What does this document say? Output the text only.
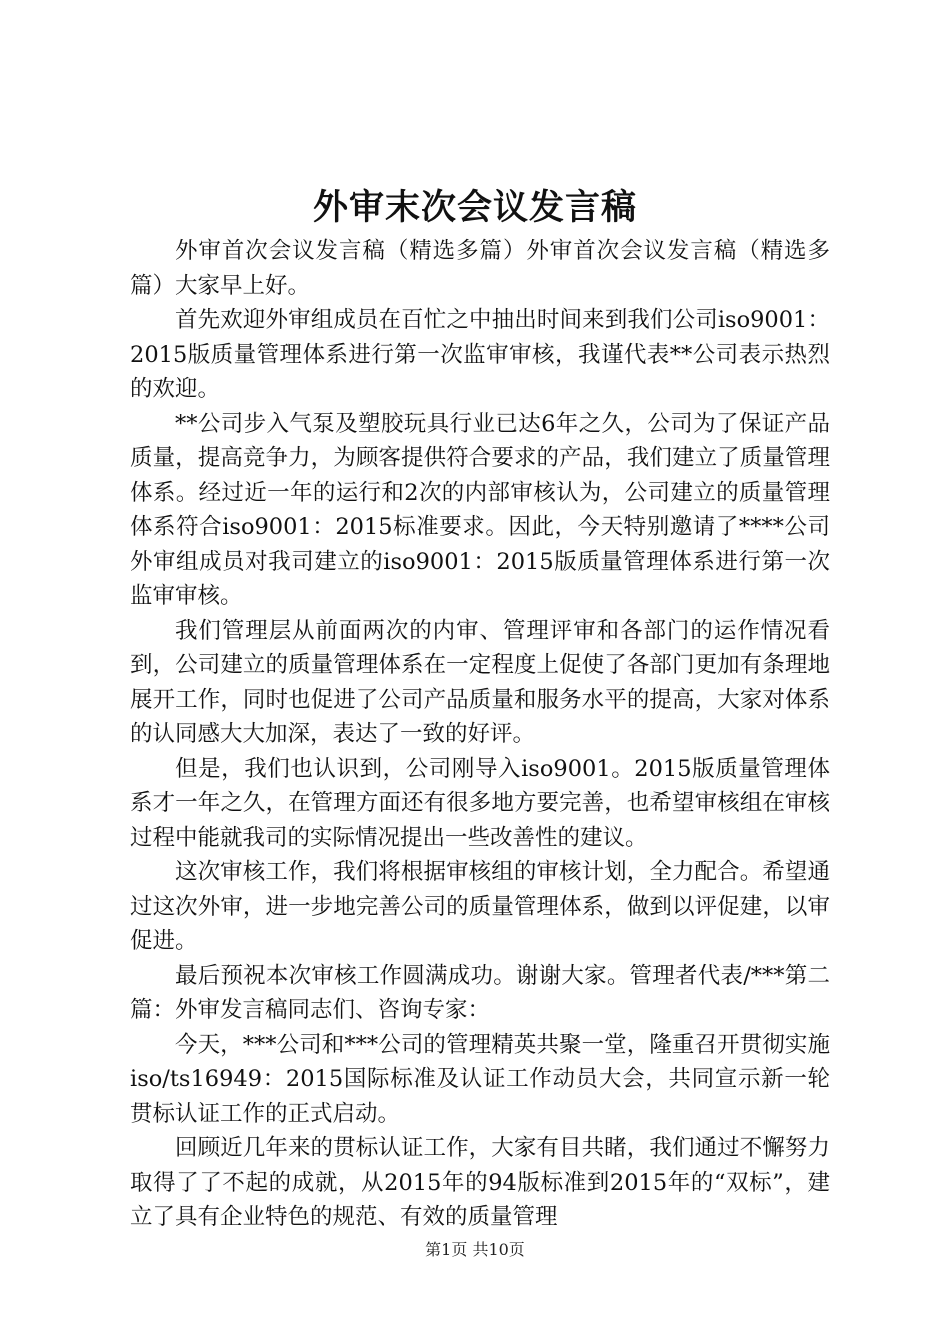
外审末次会议发言稿

外审首次会议发言稿（精选多篇）外审首次会议发言稿（精选多篇）大家早上好。

首先欢迎外审组成员在百忙之中抽出时间来到我们公司iso9001：2015版质量管理体系进行第一次监审审核，我谨代表**公司表示热烈的欢迎。

**公司步入气泵及塑胶玩具行业已达6年之久，公司为了保证产品质量，提高竞争力，为顾客提供符合要求的产品，我们建立了质量管理体系。经过近一年的运行和2次的内部审核认为，公司建立的质量管理体系符合iso9001：2015标准要求。因此，今天特别邀请了****公司外审组成员对我司建立的iso9001：2015版质量管理体系进行第一次监审审核。

我们管理层从前面两次的内审、管理评审和各部门的运作情况看到，公司建立的质量管理体系在一定程度上促使了各部门更加有条理地展开工作，同时也促进了公司产品质量和服务水平的提高，大家对体系的认同感大大加深，表达了一致的好评。

但是，我们也认识到，公司刚导入iso9001。2015版质量管理体系才一年之久，在管理方面还有很多地方要完善，也希望审核组在审核过程中能就我司的实际情况提出一些改善性的建议。

这次审核工作，我们将根据审核组的审核计划，全力配合。希望通过这次外审，进一步地完善公司的质量管理体系，做到以评促建，以审促进。

最后预祝本次审核工作圆满成功。谢谢大家。管理者代表/***第二篇：外审发言稿同志们、咨询专家：

今天，***公司和***公司的管理精英共聚一堂，隆重召开贯彻实施iso/ts16949：2015国际标准及认证工作动员大会，共同宣示新一轮贯标认证工作的正式启动。

回顾近几年来的贯标认证工作，大家有目共睹，我们通过不懈努力取得了了不起的成就，从2015年的94版标准到2015年的“双标”，建立了具有企业特色的规范、有效的质量管理

第1页 共10页
